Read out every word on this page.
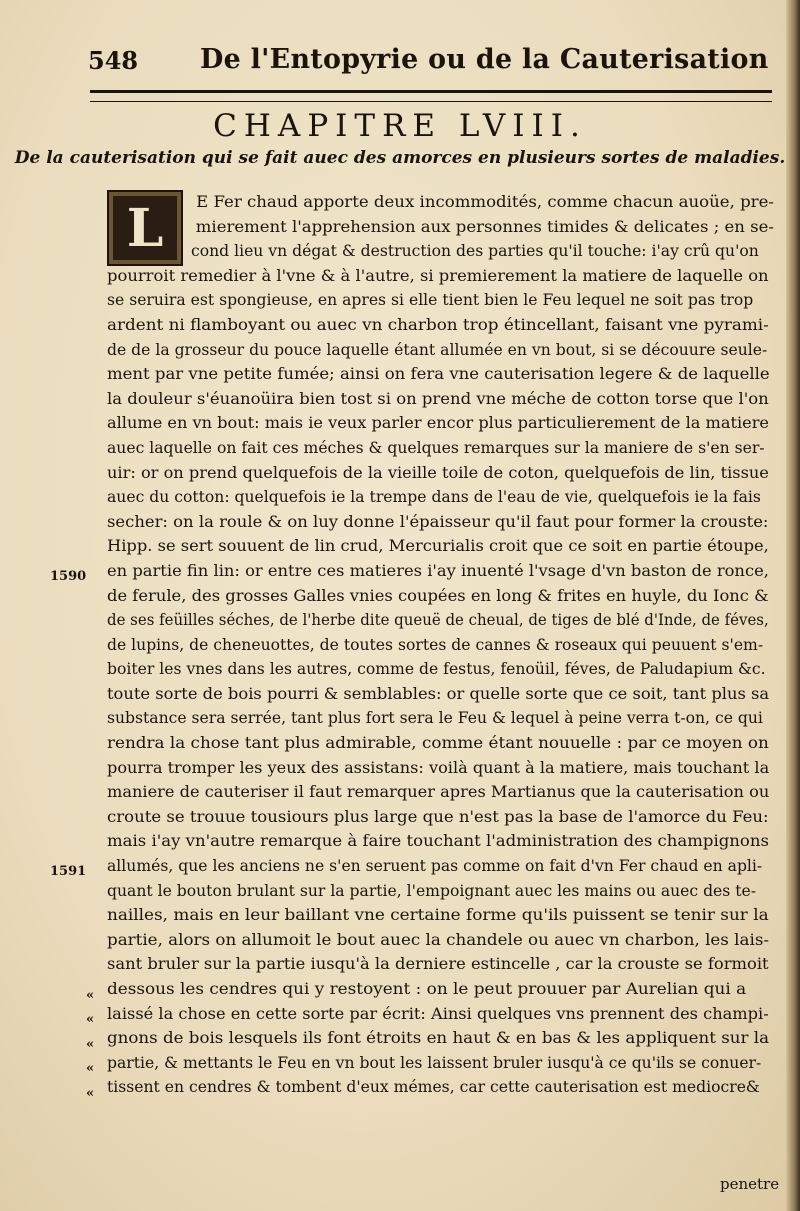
548 De l'Entopyrie ou de la Cauterisation
CHAPITRE LVIII.
De la cauterisation qui se fait auec des amorces en plusieurs sortes de maladies.
E Fer chaud apporte deux incommodités, comme chacun auoüe, pre-
mierement l'apprehension aux personnes timides & delicates ; en se-
cond lieu vn dégat & destruction des parties qu'il touche: i'ay crû qu'on
pourroit remedier à l'vne & à l'autre, si premierement la matiere de laquelle on
se seruira est spongieuse, en apres si elle tient bien le Feu lequel ne soit pas trop
ardent ni flamboyant ou auec vn charbon trop étincellant, faisant vne pyrami-
de de la grosseur du pouce laquelle étant allumée en vn bout, si se découure seule-
ment par vne petite fumée; ainsi on fera vne cauterisation legere & de laquelle
la douleur s'éuanoüira bien tost si on prend vne méche de cotton torse que l'on
allume en vn bout: mais ie veux parler encor plus particulierement de la matiere
auec laquelle on fait ces méches & quelques remarques sur la maniere de s'en ser-
uir: or on prend quelquefois de la vieille toile de coton, quelquefois de lin, tissue
auec du cotton: quelquefois ie la trempe dans de l'eau de vie, quelquefois ie la fais
secher: on la roule & on luy donne l'épaisseur qu'il faut pour former la crouste:
Hipp. se sert souuent de lin crud, Mercurialis croit que ce soit en partie étoupe,
en partie fin lin: or entre ces matieres i'ay inuenté l'vsage d'vn baston de ronce,
de ferule, des grosses Galles vnies coupées en long & frites en huyle, du Ionc &
de ses feüilles séches, de l'herbe dite queuë de cheual, de tiges de blé d'Inde, de féves,
de lupins, de cheneuottes, de toutes sortes de cannes & roseaux qui peuuent s'em-
boiter les vnes dans les autres, comme de festus, fenoüil, féves, de Paludapium &c.
toute sorte de bois pourri & semblables: or quelle sorte que ce soit, tant plus sa
substance sera serrée, tant plus fort sera le Feu & lequel à peine verra t-on, ce qui
rendra la chose tant plus admirable, comme étant nouuelle : par ce moyen on
pourra tromper les yeux des assistans: voilà quant à la matiere, mais touchant la
maniere de cauteriser il faut remarquer apres Martianus que la cauterisation ou
croute se trouue tousiours plus large que n'est pas la base de l'amorce du Feu:
mais i'ay vn'autre remarque à faire touchant l'administration des champignons
allumés, que les anciens ne s'en seruent pas comme on fait d'vn Fer chaud en apli-
quant le bouton brulant sur la partie, l'empoignant auec les mains ou auec des te-
nailles, mais en leur baillant vne certaine forme qu'ils puissent se tenir sur la
partie, alors on allumoit le bout auec la chandele ou auec vn charbon, les lais-
sant bruler sur la partie iusqu'à la derniere estincelle , car la crouste se formoit
dessous les cendres qui y restoyent : on le peut prouuer par Aurelian qui a
laissé la chose en cette sorte par écrit: Ainsi quelques vns prennent des champi-
gnons de bois lesquels ils font étroits en haut & en bas & les appliquent sur la
partie, & mettants le Feu en vn bout les laissent bruler iusqu'à ce qu'ils se conuer-
tissent en cendres & tombent d'eux mémes, car cette cauterisation est mediocre&
L
1590
1591
«
«
«
«
«
penetre
